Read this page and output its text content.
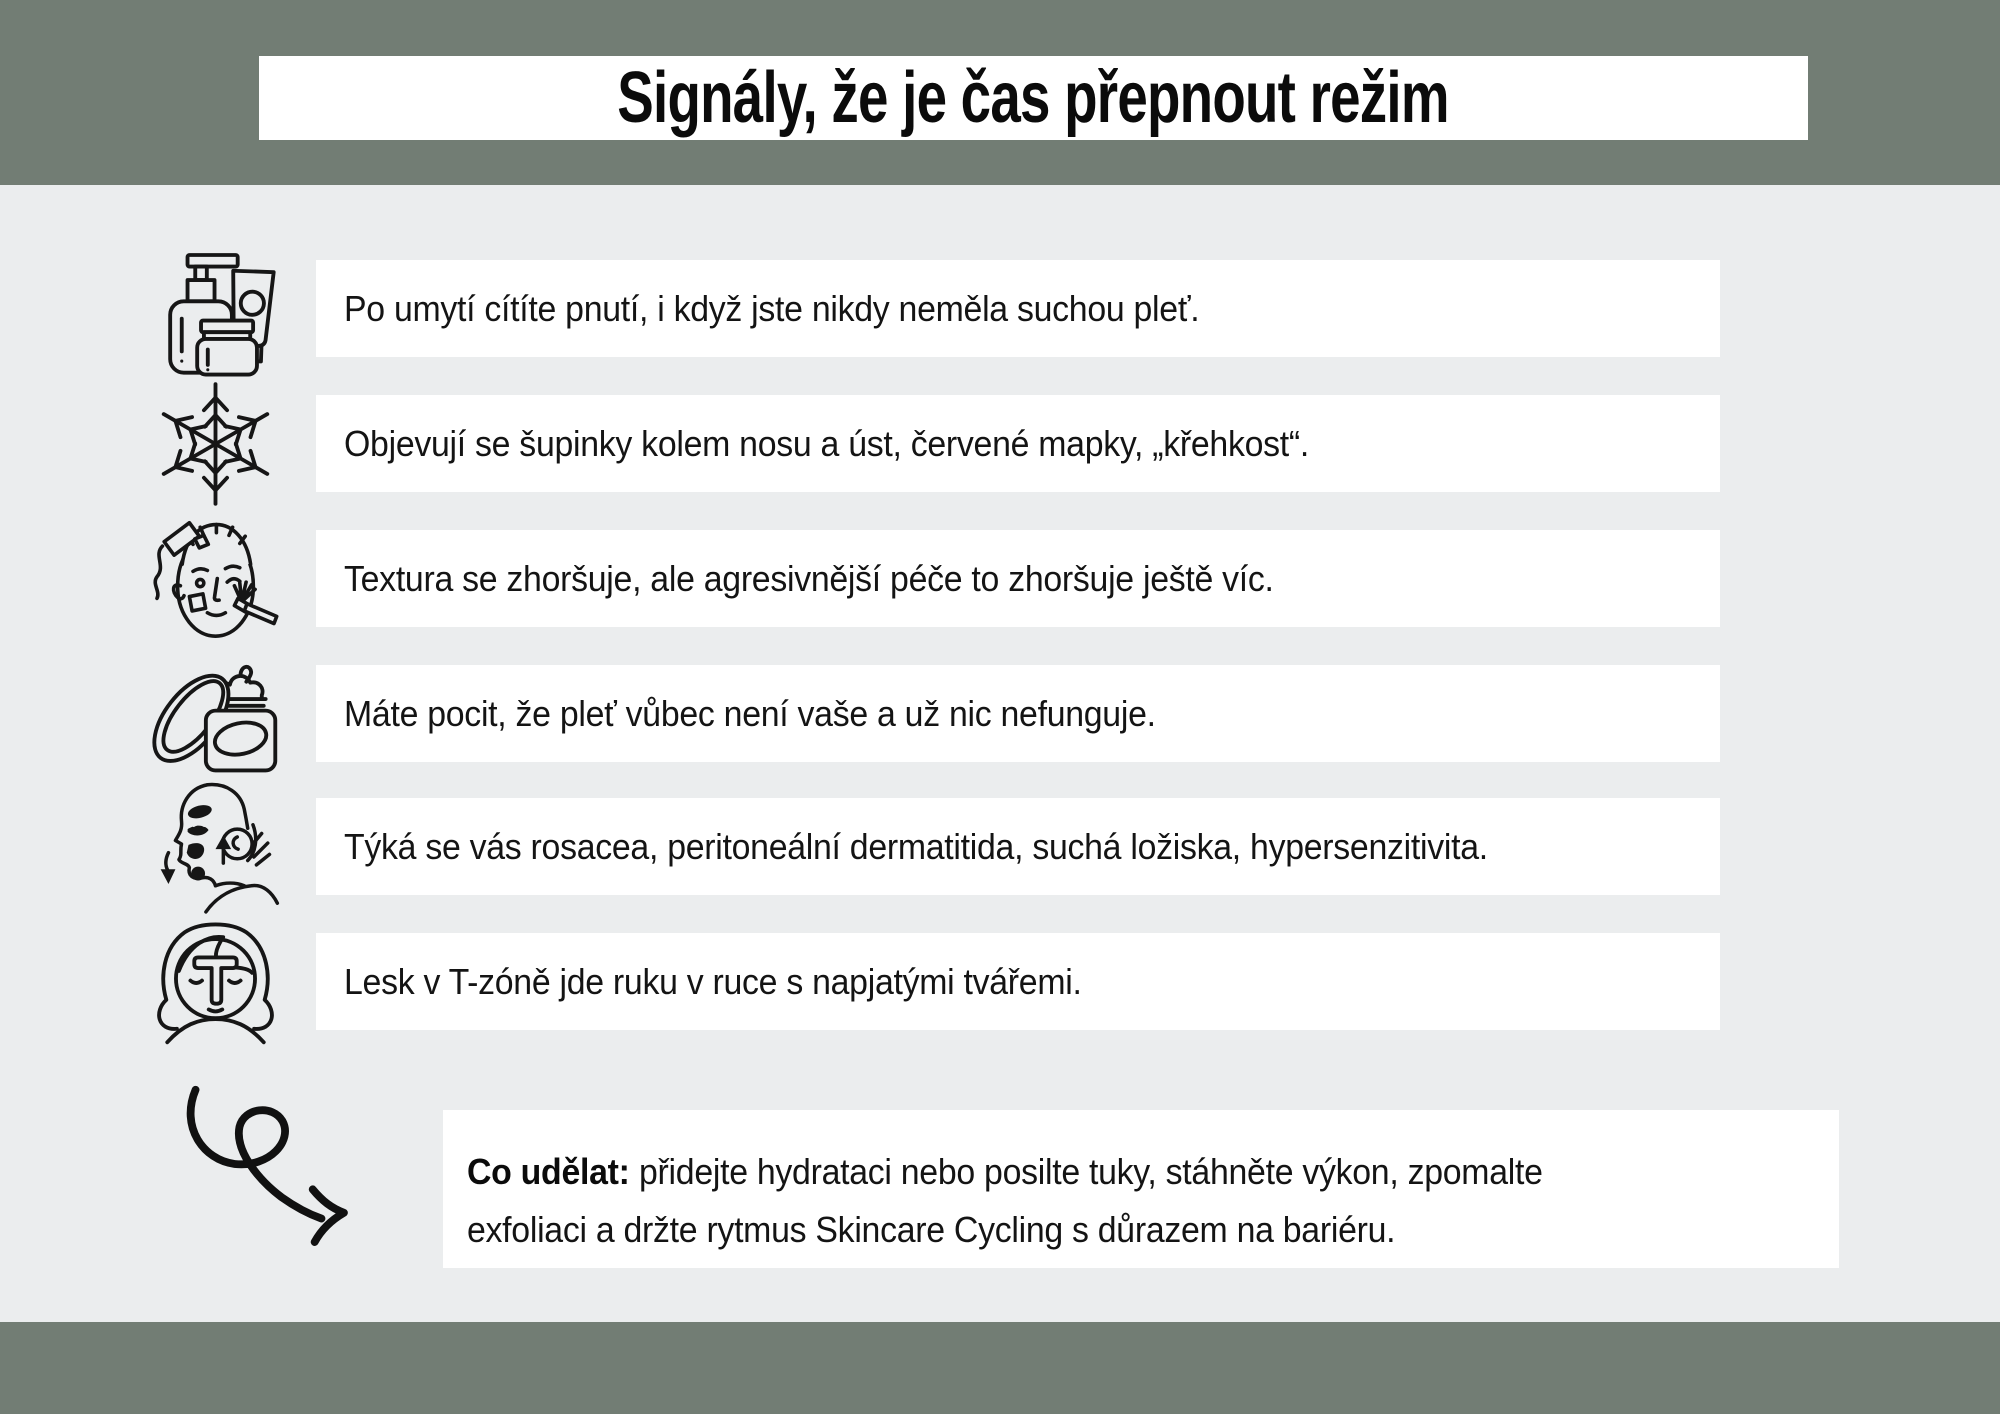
Signály, že je čas přepnout režim
Po umytí cítíte pnutí, i když jste nikdy neměla suchou pleť.
Objevují se šupinky kolem nosu a úst, červené mapky, „křehkost“.
Textura se zhoršuje, ale agresivnější péče to zhoršuje ještě víc.
Máte pocit, že pleť vůbec není vaše a už nic nefunguje.
Týká se vás rosacea, peritoneální dermatitida, suchá ložiska, hypersenzitivita.
Lesk v T-zóně jde ruku v ruce s napjatými tvářemi.
Co udělat: přidejte hydrataci nebo posilte tuky, stáhněte výkon, zpomalte
exfoliaci a držte rytmus Skincare Cycling s důrazem na bariéru.
